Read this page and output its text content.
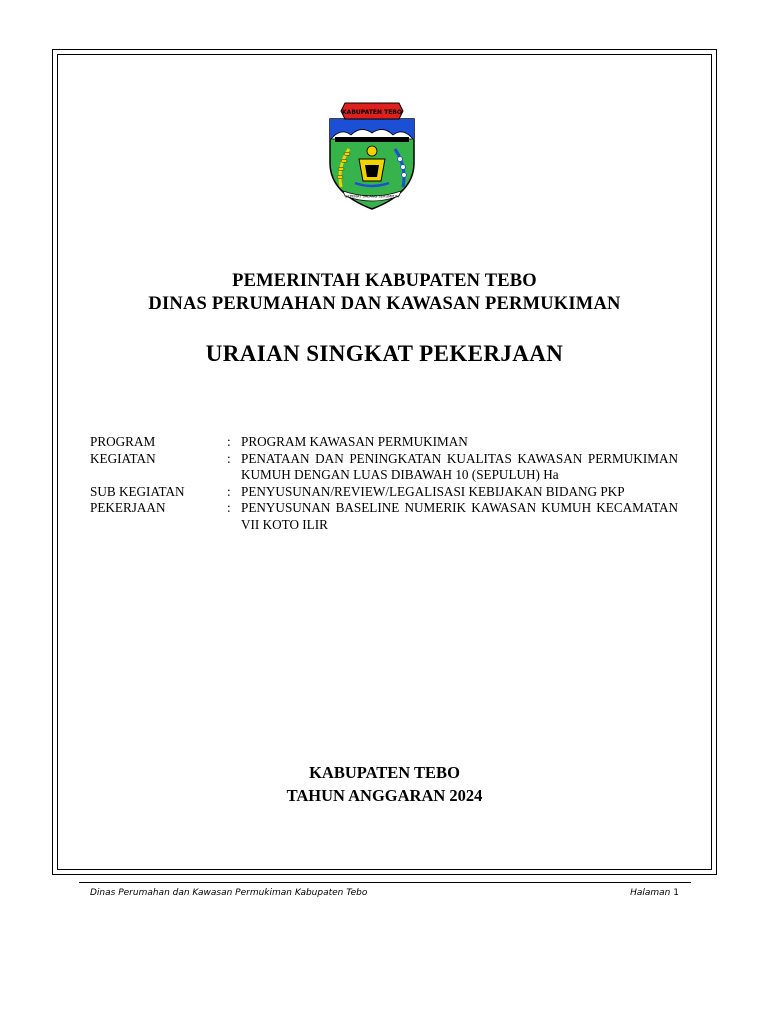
KABUPATEN TEBO
SEPENAT SALANG SERUMPUN
PEMERINTAH KABUPATEN TEBO
DINAS PERUMAHAN DAN KAWASAN PERMUKIMAN
URAIAN SINGKAT PEKERJAAN
PROGRAM	: PROGRAM KAWASAN PERMUKIMAN
KEGIATAN	: PENATAAN DAN PENINGKATAN KUALITAS KAWASAN PERMUKIMAN KUMUH DENGAN LUAS DIBAWAH 10 (SEPULUH) Ha
SUB KEGIATAN	: PENYUSUNAN/REVIEW/LEGALISASI KEBIJAKAN BIDANG PKP
PEKERJAAN	: PENYUSUNAN BASELINE NUMERIK KAWASAN KUMUH KECAMATAN VII KOTO ILIR
KABUPATEN TEBO
TAHUN ANGGARAN 2024
Dinas Perumahan dan Kawasan Permukiman Kabupaten Tebo	Halaman 1
